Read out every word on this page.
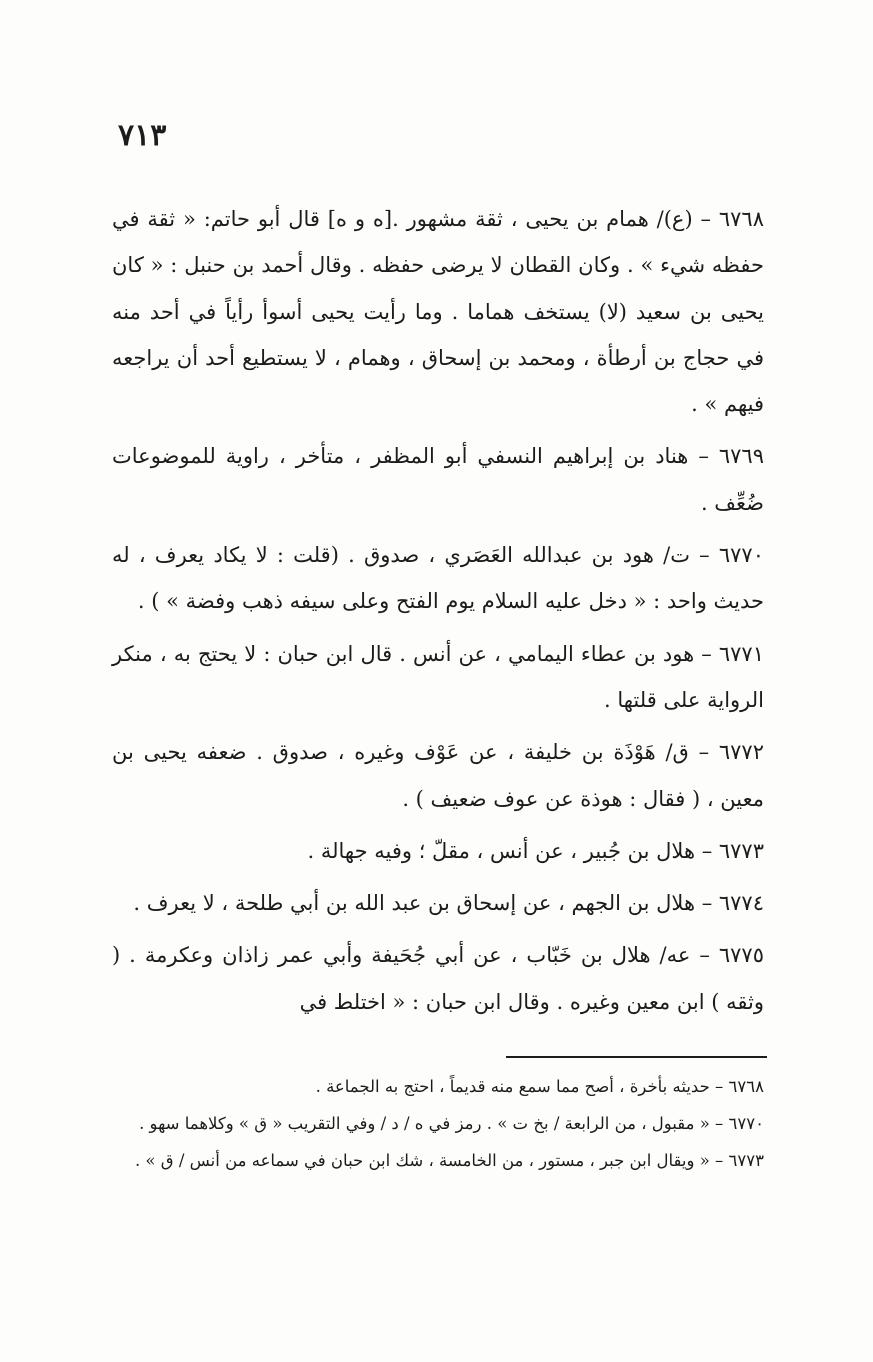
٧١٣

٦٧٦٨ – (ع)/ همام بن يحيى ، ثقة مشهور .[ه و ه] قال أبو حاتم: « ثقة في حفظه شيء » . وكان القطان لا يرضى حفظه . وقال أحمد بن حنبل : « كان يحيى بن سعيد (لا) يستخف هماما . وما رأيت يحيى أسوأ رأياً في أحد منه في حجاج بن أرطأة ، ومحمد بن إسحاق ، وهمام ، لا يستطيع أحد أن يراجعه فيهم » .

٦٧٦٩ – هناد بن إبراهيم النسفي أبو المظفر ، متأخر ، راوية للموضوعات ضُعِّف .

٦٧٧٠ – ت/ هود بن عبدالله العَصَري ، صدوق . (قلت : لا يكاد يعرف ، له حديث واحد : « دخل عليه السلام يوم الفتح وعلى سيفه ذهب وفضة » ) .

٦٧٧١ – هود بن عطاء اليمامي ، عن أنس . قال ابن حبان : لا يحتج به ، منكر الرواية على قلتها .

٦٧٧٢ – ق/ هَوْذَة بن خليفة ، عن عَوْف وغيره ، صدوق . ضعفه يحيى بن معين ، ( فقال : هوذة عن عوف ضعيف ) .

٦٧٧٣ – هلال بن جُبير ، عن أنس ، مقلّ ؛ وفيه جهالة .

٦٧٧٤ – هلال بن الجهم ، عن إسحاق بن عبد الله بن أبي طلحة ، لا يعرف .

٦٧٧٥ – عه/ هلال بن خَبّاب ، عن أبي جُحَيفة وأبي عمر زاذان وعكرمة . ( وثقه ) ابن معين وغيره . وقال ابن حبان : « اختلط في

٦٧٦٨ – حديثه بأخرة ، أصح مما سمع منه قديماً ، احتج به الجماعة .

٦٧٧٠ – « مقبول ، من الرابعة / بخ ت » . رمز في ه / د / وفي التقريب « ق » وكلاهما سهو .

٦٧٧٣ – « ويقال ابن جبر ، مستور ، من الخامسة ، شك ابن حبان في سماعه من أنس / ق » .
